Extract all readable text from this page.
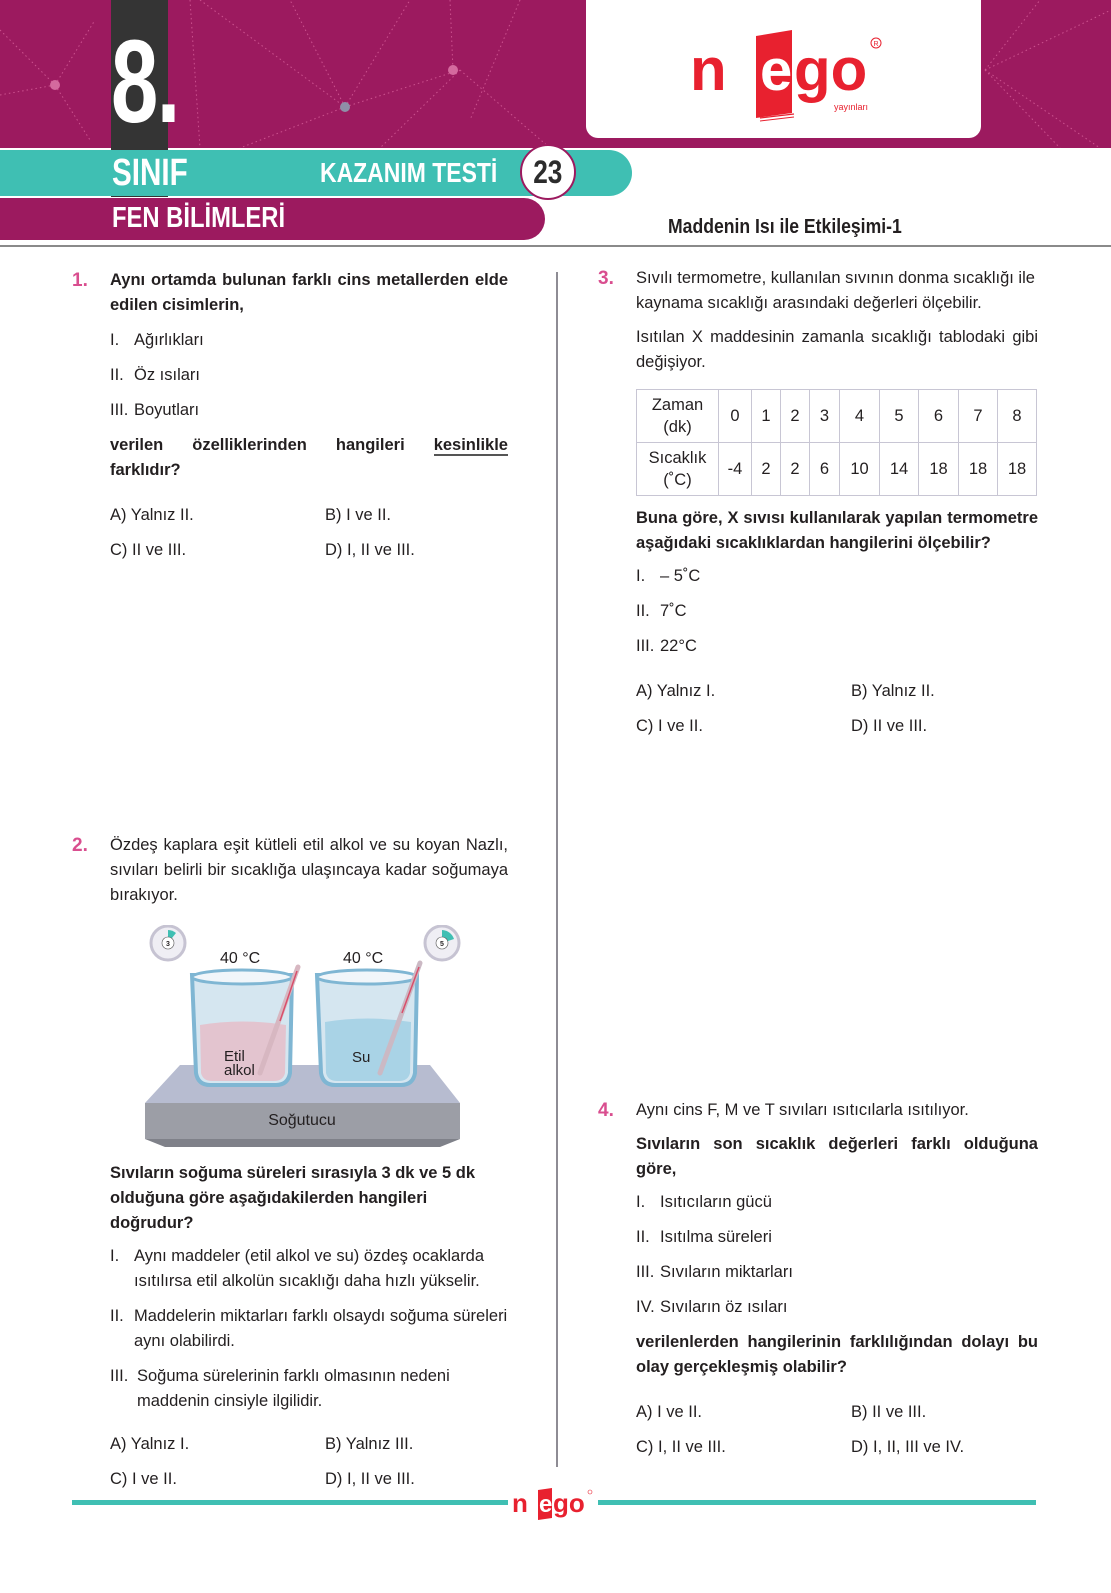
8.	n e go R
yayınları
SINIF	KAZANIM TESTİ	23
FEN BİLİMLERİ	Maddenin Isı ile Etkileşimi-1
1. Aynı ortamda bulunan farklı cins metallerden elde edilen cisimlerin,
I. Ağırlıkları
II. Öz ısıları
III. Boyutları
verilen özelliklerinden hangileri kesinlikle farklıdır?
A) Yalnız II.	B) I ve II.
C) II ve III.	D) I, II ve III.
2. Özdeş kaplara eşit kütleli etil alkol ve su koyan Nazlı, sıvıları belirli bir sıcaklığa ulaşıncaya kadar soğumaya bırakıyor.
Soğutucu
Etil
alkol
40 °C
Su
40 °C
3	5
Sıvıların soğuma süreleri sırasıyla 3 dk ve 5 dk olduğuna göre aşağıdakilerden hangileri doğrudur?
I. Aynı maddeler (etil alkol ve su) özdeş ocaklarda ısıtılırsa etil alkolün sıcaklığı daha hızlı yükselir.
II. Maddelerin miktarları farklı olsaydı soğuma süreleri aynı olabilirdi.
III. Soğuma sürelerinin farklı olmasının nedeni maddenin cinsiyle ilgilidir.
A) Yalnız I.	B) Yalnız III.
C) I ve II.	D) I, II ve III.
3. Sıvılı termometre, kullanılan sıvının donma sıcaklığı ile kaynama sıcaklığı arasındaki değerleri ölçebilir.
Isıtılan X maddesinin zamanla sıcaklığı tablodaki gibi değişiyor.
Zaman
(dk)	0	1	2	3	4	5	6	7	8
Sıcaklık
(˚C)	-4	2	2	6	10	14	18	18	18
Buna göre, X sıvısı kullanılarak yapılan termometre aşağıdaki sıcaklıklardan hangilerini ölçebilir?
I. – 5˚C
II. 7˚C
III. 22°C
A) Yalnız I.	B) Yalnız II.
C) I ve II.	D) II ve III.
4. Aynı cins F, M ve T sıvıları ısıtıcılarla ısıtılıyor.
Sıvıların son sıcaklık değerleri farklı olduğuna göre,
I. Isıtıcıların gücü
II. Isıtılma süreleri
III. Sıvıların miktarları
IV. Sıvıların öz ısıları
verilenlerden hangilerinin farklılığından dolayı bu olay gerçekleşmiş olabilir?
A) I ve II.	B) II ve III.
C) I, II ve III.	D) I, II, III ve IV.
n e go
